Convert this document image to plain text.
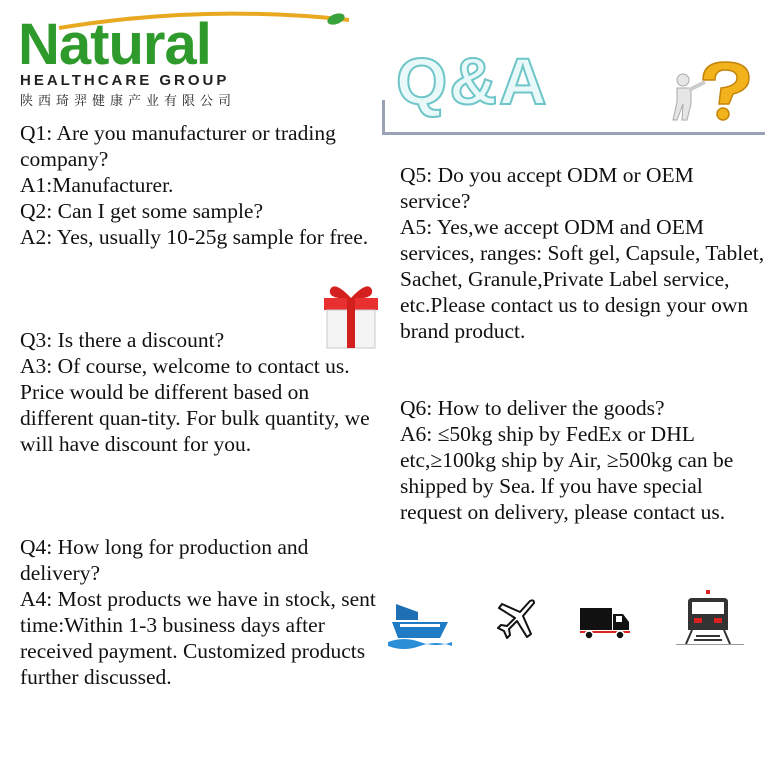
Natural
HEALTHCARE GROUP
陕西琦羿健康产业有限公司 Q&A

Q1: Are you manufacturer or trading company?

A1:Manufacturer.

Q2: Can I get some sample?

A2: Yes, usually 10-25g sample for free.

Q3: Is there a discount?

A3: Of course, welcome to contact us. Price would be different based on different quan-tity. For bulk quantity, we will have discount for you.

Q4: How long for production and delivery?

A4: Most products we have in stock, sent time:Within 1-3 business days after received payment. Customized products further discussed.

Q5: Do you accept ODM or OEM service?

A5: Yes,we accept ODM and OEM services, ranges: Soft gel, Capsule, Tablet, Sachet, Granule,Private Label service, etc.Please contact us to design your own brand product.

Q6: How to deliver the goods?

A6: ≤50kg ship by FedEx or DHL etc,≥100kg ship by Air, ≥500kg can be shipped by Sea. lf you have special request on delivery, please contact us.
